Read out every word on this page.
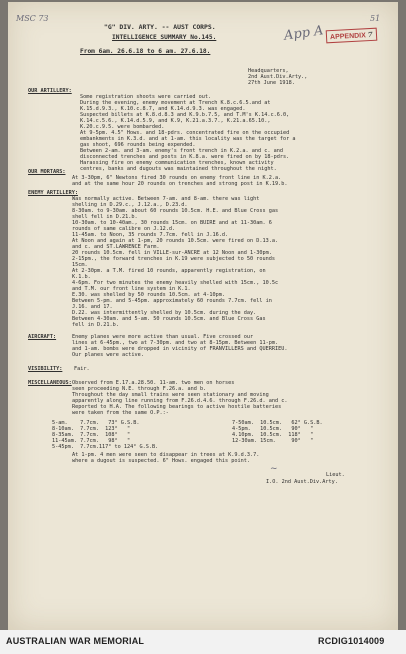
MSC 73
App A
51
APPENDIX 7
"G" DIV. ARTY. -- AUST CORPS.
INTELLIGENCE SUMMARY No.145.
From 6am. 26.6.18 to 6 am. 27.6.18.
Headquarters,
2nd Aust.Div.Arty.,
27th June 1918.
OUR ARTILLERY:
Some registration shoots were carried out.
During the evening, enemy movement at Trench K.8.c.6.5.and at
K.15.d.9.3., K.10.c.8.7, and K.14.d.9.3. was engaged.
Suspected billets at K.8.d.8.3 and K.9.b.7.5, and T.M's K.14.c.6.0,
K.14.c.5.6., K.14.d.5.9, and K.9, K.21.a.3.7., K.21.a.65.10.,
K.20.c.9.5. were bombarded.
At 9-5pm. 4.5" Hows. and 18-pdrs. concentrated fire on the occupied
embankments in K.3.d. and at 1-am. this locality was the target for a
gas shoot, 696 rounds being expended.
Between 2-am. and 3-am. enemy's front trench in K.2.a. and c. and
disconnected trenches and posts in K.8.a. were fired on by 18-pdrs.
Harassing fire on enemy communication trenches, known activity
centres, banks and dugouts was maintained throughout the night.
OUR MORTARS:
At 3-30pm, 6" Newtons fired 30 rounds on enemy front line in K.2.a.
and at the same hour 20 rounds on trenches and strong post in K.19.b.
ENEMY ARTILLERY:
Was normally active. Between 7-am. and 8-am. there was light
shelling in D.29.c., J.12.a., D.23.d.
8-30am. to 9-30am. about 60 rounds 10.5cm. H.E. and Blue Cross gas
shell fell in D.21.b.
10-30am. to 10-40am., 30 rounds 15cm. on BUIRE and at 11-30am. 6
rounds of same calibre on J.12.d.
11-45am. to Noon, 35 rounds 7.7cm. fell in J.16.d.
At Noon and again at 1-pm, 20 rounds 10.5cm. were fired on D.13.a.
and c. and ST.LAWRENCE Farm.
20 rounds 10.5cm. fell in VILLE-sur-ANCRE at 12 Noon and 1-30pm.
2-15pm., the forward trenches in K.19 were subjected to 50 rounds
15cm.
At 2-30pm. a T.M. fired 10 rounds, apparently registration, on
K.1.b.
4-6pm. For two minutes the enemy heavily shelled with 15cm., 10.5c
and T.M. our front line system in K.1.
E.30. was shelled by 50 rounds 10.5cm. at 4-10pm.
Between 5-pm. and 5-45pm. approximately 60 rounds 7.7cm. fell in
J.16. and 17.
D.22. was intermittently shelled by 10.5cm. during the day.
Between 4-30am. and 5-am. 50 rounds 10.5cm. and Blue Cross Gas
fell in D.21.b.
AIRCRAFT:	Enemy planes were more active than usual. Five crossed our
lines at 6-45pm., two at 7-30pm. and two at 8-15pm. Between 11-pm.
and 1-am. bombs were dropped in vicinity of FRANVILLERS and QUERRIEU.
Our planes were active.
VISIBILITY: Fair.
MISCELLANEOUS: Observed from E.17.a.28.50. 11-am. two men on horses
seen proceeding N.E. through F.26.a. and b.
Throughout the day small trains were seen stationary and moving
apparently along line running from F.26.d.4.6. through F.26.d. and c.
Reported to H.A. The following bearings to active hostile batteries
were taken from the same O.P.:-
5-am.    7.7cm.   73° G.S.B.
8-10am.  7.7cm.  123°   "
8-35am.  7.7cm.  108°   "
11-45am. 7.7cm.   98°   "
5-45pm.  7.7cm.117° to 124° G.S.B.
7-50am.  10.5cm.   62° G.S.B.
4-5pm.   10.5cm.   90°   "
4.10pm.  10.5cm.  118°   "
12-30am. 15cm.     90°   "
At 1-pm. 4 men were seen to disappear in trees at K.9.d.3.7.
where a dugout is suspected. 6" Hows. engaged this point.
Lieut.
~
I.O. 2nd Aust.Div.Arty.
AUSTRALIAN WAR MEMORIAL	RCDIG1014009
